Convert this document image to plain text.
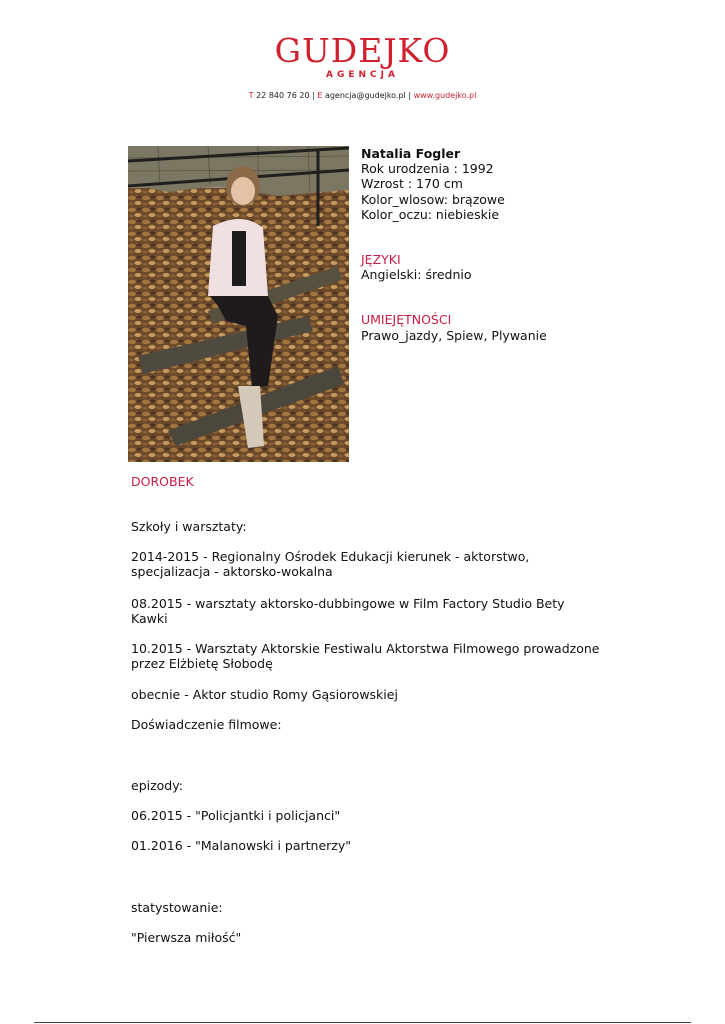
GUDEJKO
AGENCJA
T 22 840 76 20 | E agencja@gudejko.pl | www.gudejko.pl
Natalia Fogler
Rok urodzenia : 1992
Wzrost : 170 cm
Kolor_wlosow: brązowe
Kolor_oczu: niebieskie
JĘZYKI
Angielski: średnio
UMIEJĘTNOŚCI
Prawo_jazdy, Spiew, Plywanie
DOROBEK
Szkoły i warsztaty:
2014-2015 - Regionalny Ośrodek Edukacji kierunek - aktorstwo,
specjalizacja - aktorsko-wokalna
08.2015 - warsztaty aktorsko-dubbingowe w Film Factory Studio Bety
Kawki
10.2015 - Warsztaty Aktorskie Festiwalu Aktorstwa Filmowego prowadzone
przez Elżbietę Słobodę
obecnie - Aktor studio Romy Gąsiorowskiej
Doświadczenie filmowe:
epizody:
06.2015 - "Policjantki i policjanci"
01.2016 - "Malanowski i partnerzy"
statystowanie:
"Pierwsza miłość"
